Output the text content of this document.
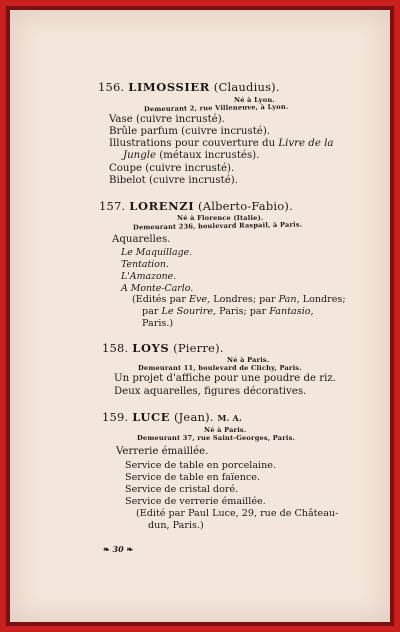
156. LIMOSSIER (Claudius).
Né à Lyon.
Demeurant 2, rue Villeneuve, à Lyon.
Vase (cuivre incrusté).
Brûle parfum (cuivre incrusté).
Illustrations pour couverture du Livre de la
Jungle (métaux incrustés).
Coupe (cuivre incrusté).
Bibelot (cuivre incrusté).
157. LORENZI (Alberto-Fabio).
Né à Florence (Italie).
Demeurant 236, boulevard Raspail, à Paris.
Aquarelles.
Le Maquillage.
Tentation.
L'Amazone.
A Monte-Carlo.
(Edités par Eve, Londres; par Pan, Londres;
par Le Sourire, Paris; par Fantasio,
Paris.)
158. LOYS (Pierre).
Né à Paris.
Demeurant 11, boulevard de Clichy, Paris.
Un projet d'affiche pour une poudre de riz.
Deux aquarelles, figures décoratives.
159. LUCE (Jean). M. A.
Né à Paris.
Demeurant 37, rue Saint-Georges, Paris.
Verrerie émaillée.
Service de table en porcelaine.
Service de table en faïence.
Service de cristal doré.
Service de verrerie émaillée.
(Edité par Paul Luce, 29, rue de Château-
dun, Paris.)
❧ 30 ❧
